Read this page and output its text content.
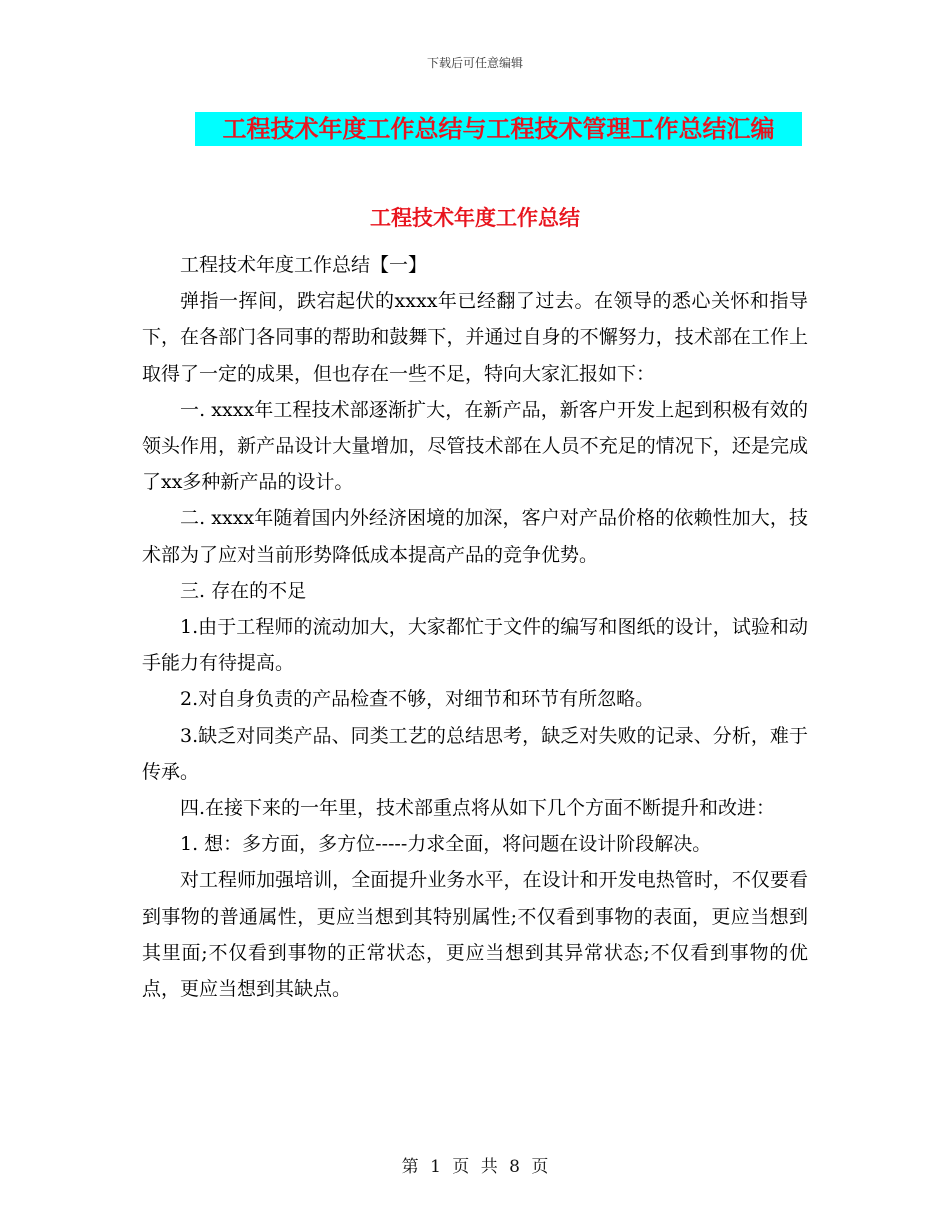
下载后可任意编辑
工程技术年度工作总结与工程技术管理工作总结汇编
工程技术年度工作总结

工程技术年度工作总结【一】

弹指一挥间，跌宕起伏的xxxx年已经翻了过去。在领导的悉心关怀和指导下，在各部门各同事的帮助和鼓舞下，并通过自身的不懈努力，技术部在工作上取得了一定的成果，但也存在一些不足，特向大家汇报如下：

一. xxxx年工程技术部逐渐扩大，在新产品，新客户开发上起到积极有效的领头作用，新产品设计大量增加，尽管技术部在人员不充足的情况下，还是完成了xx多种新产品的设计。

二. xxxx年随着国内外经济困境的加深，客户对产品价格的依赖性加大，技术部为了应对当前形势降低成本提高产品的竞争优势。

三. 存在的不足

1.由于工程师的流动加大，大家都忙于文件的编写和图纸的设计，试验和动手能力有待提高。

2.对自身负责的产品检查不够，对细节和环节有所忽略。

3.缺乏对同类产品、同类工艺的总结思考，缺乏对失败的记录、分析，难于传承。

四.在接下来的一年里，技术部重点将从如下几个方面不断提升和改进：

1. 想：多方面，多方位-----力求全面，将问题在设计阶段解决。

对工程师加强培训，全面提升业务水平，在设计和开发电热管时，不仅要看到事物的普通属性，更应当想到其特别属性;不仅看到事物的表面，更应当想到其里面;不仅看到事物的正常状态，更应当想到其异常状态;不仅看到事物的优点，更应当想到其缺点。

第 1 页 共 8 页
